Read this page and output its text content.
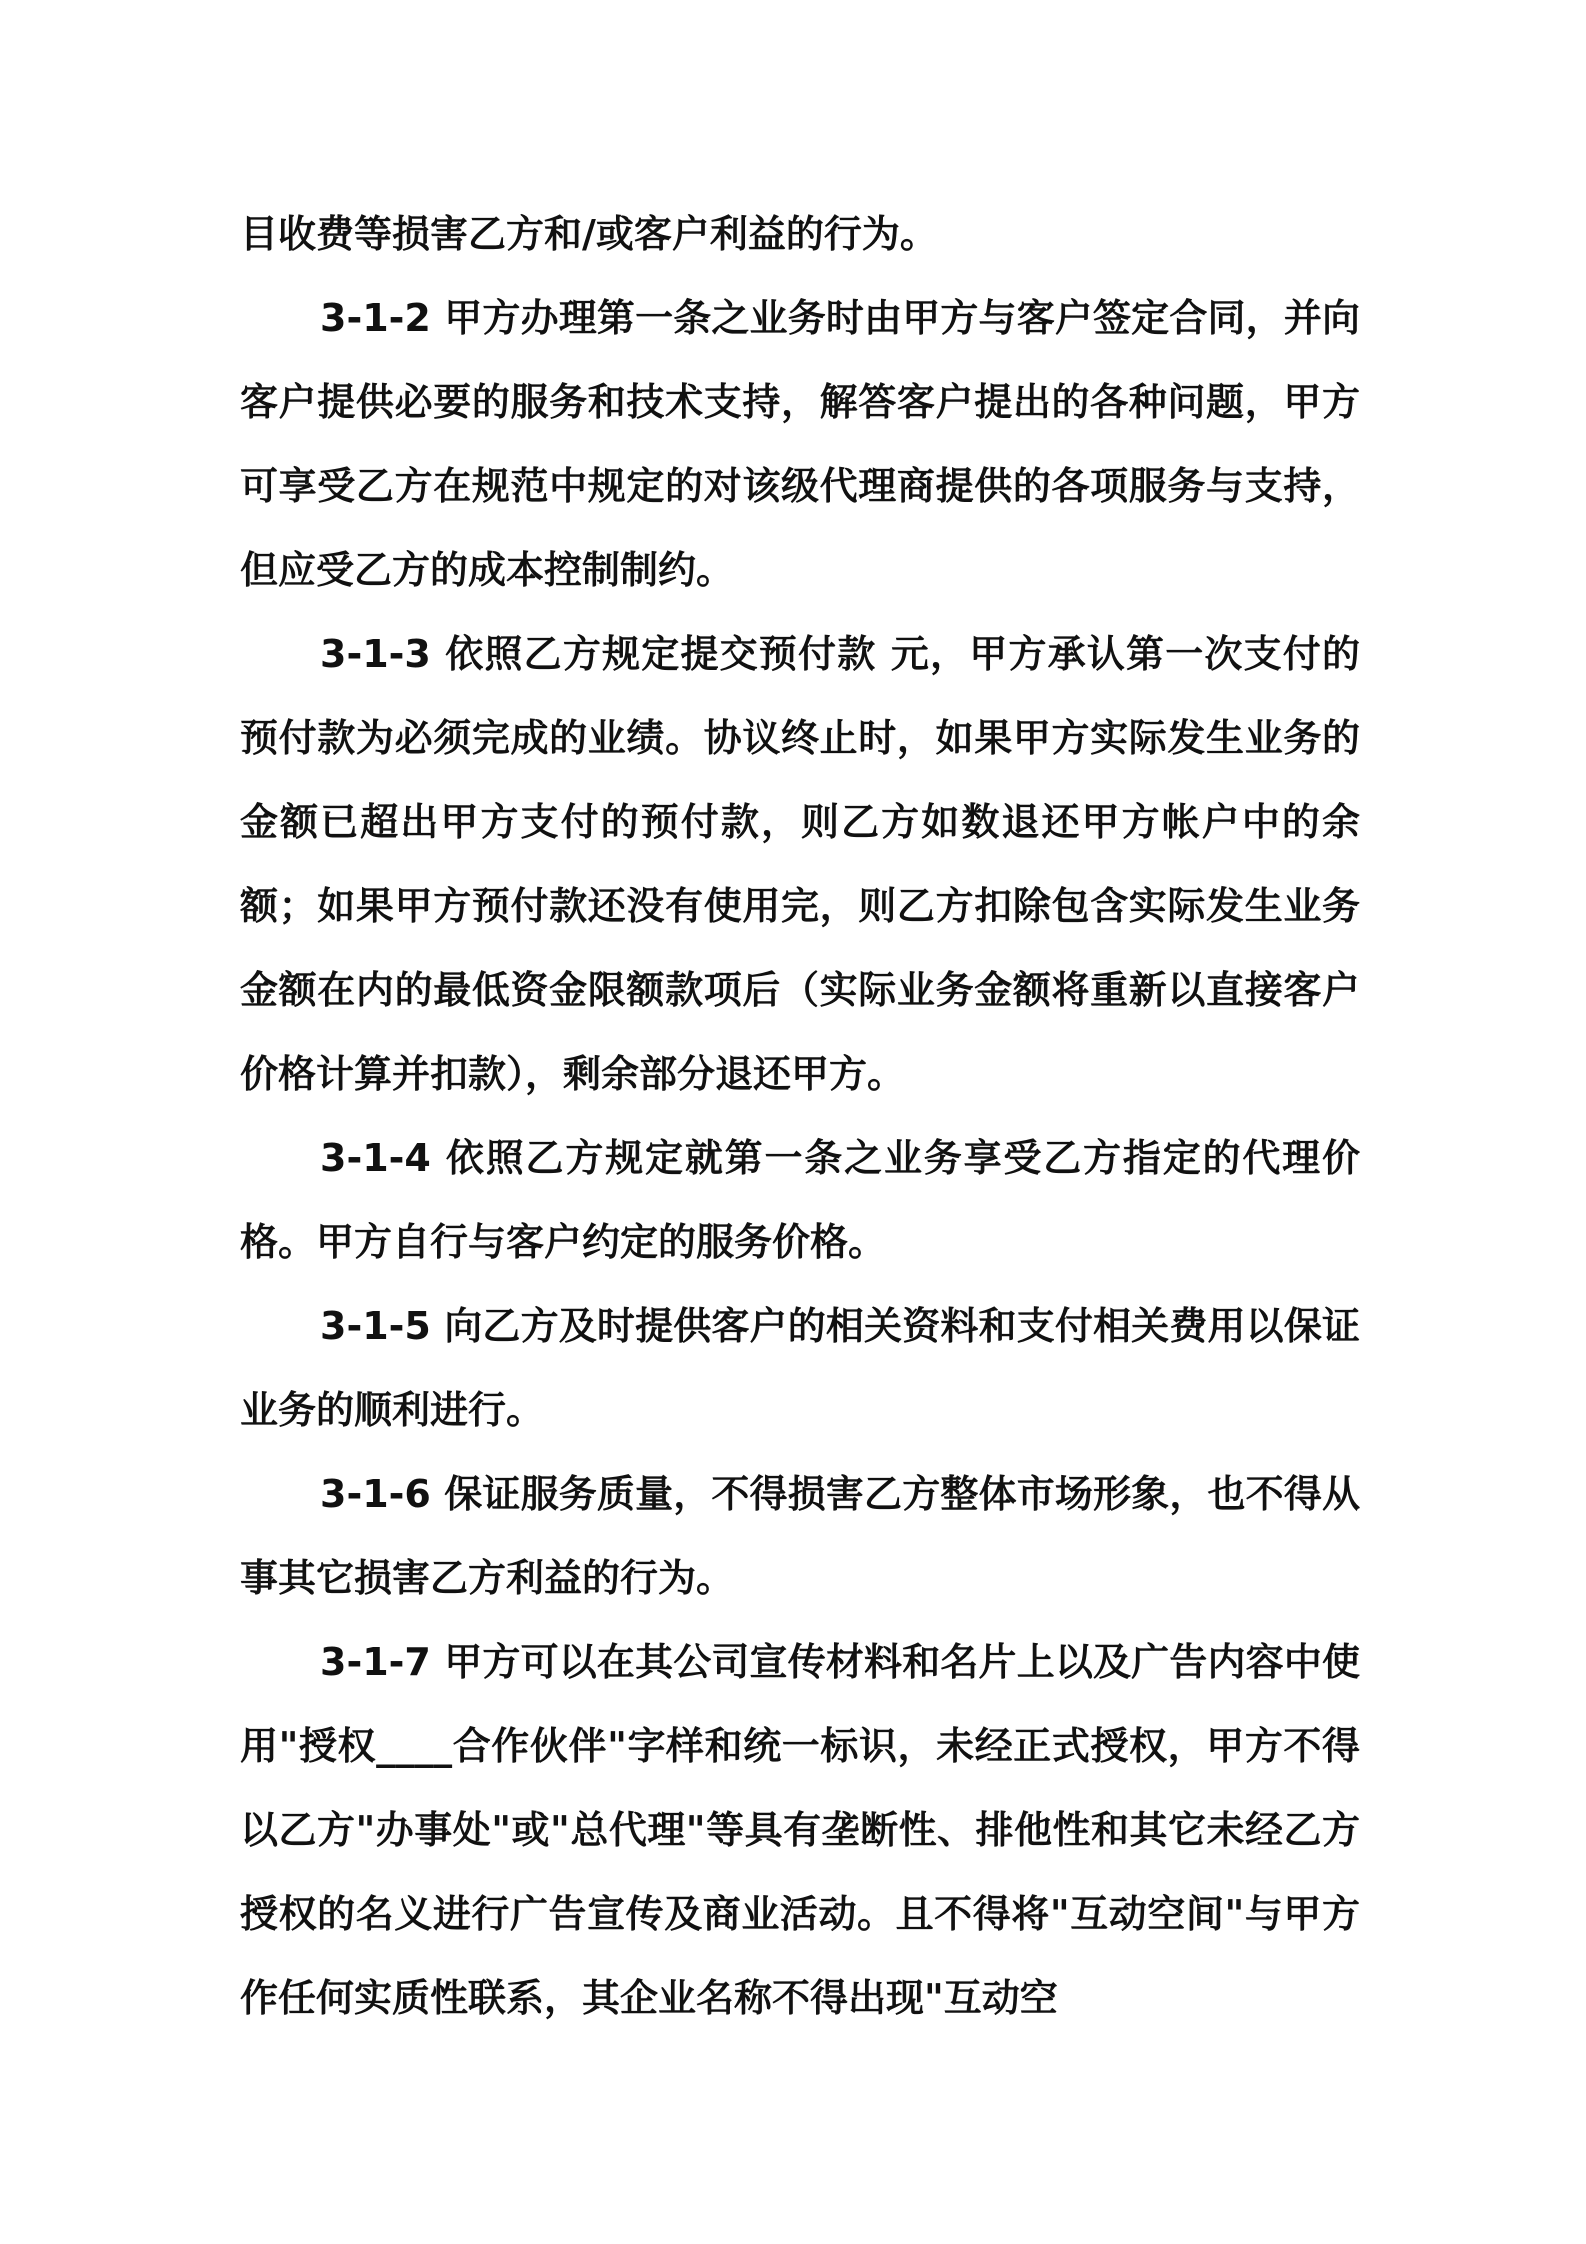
目收费等损害乙方和/或客户利益的行为。

3-1-2 甲方办理第一条之业务时由甲方与客户签定合同，并向客户提供必要的服务和技术支持，解答客户提出的各种问题，甲方可享受乙方在规范中规定的对该级代理商提供的各项服务与支持，但应受乙方的成本控制制约。

3-1-3 依照乙方规定提交预付款 元，甲方承认第一次支付的预付款为必须完成的业绩。协议终止时，如果甲方实际发生业务的金额已超出甲方支付的预付款，则乙方如数退还甲方帐户中的余额；如果甲方预付款还没有使用完，则乙方扣除包含实际发生业务金额在内的最低资金限额款项后（实际业务金额将重新以直接客户价格计算并扣款），剩余部分退还甲方。

3-1-4 依照乙方规定就第一条之业务享受乙方指定的代理价格。甲方自行与客户约定的服务价格。

3-1-5 向乙方及时提供客户的相关资料和支付相关费用以保证业务的顺利进行。

3-1-6 保证服务质量，不得损害乙方整体市场形象，也不得从事其它损害乙方利益的行为。

3-1-7 甲方可以在其公司宣传材料和名片上以及广告内容中使用"授权____合作伙伴"字样和统一标识，未经正式授权，甲方不得以乙方"办事处"或"总代理"等具有垄断性、排他性和其它未经乙方授权的名义进行广告宣传及商业活动。且不得将"互动空间"与甲方作任何实质性联系，其企业名称不得出现"互动空
